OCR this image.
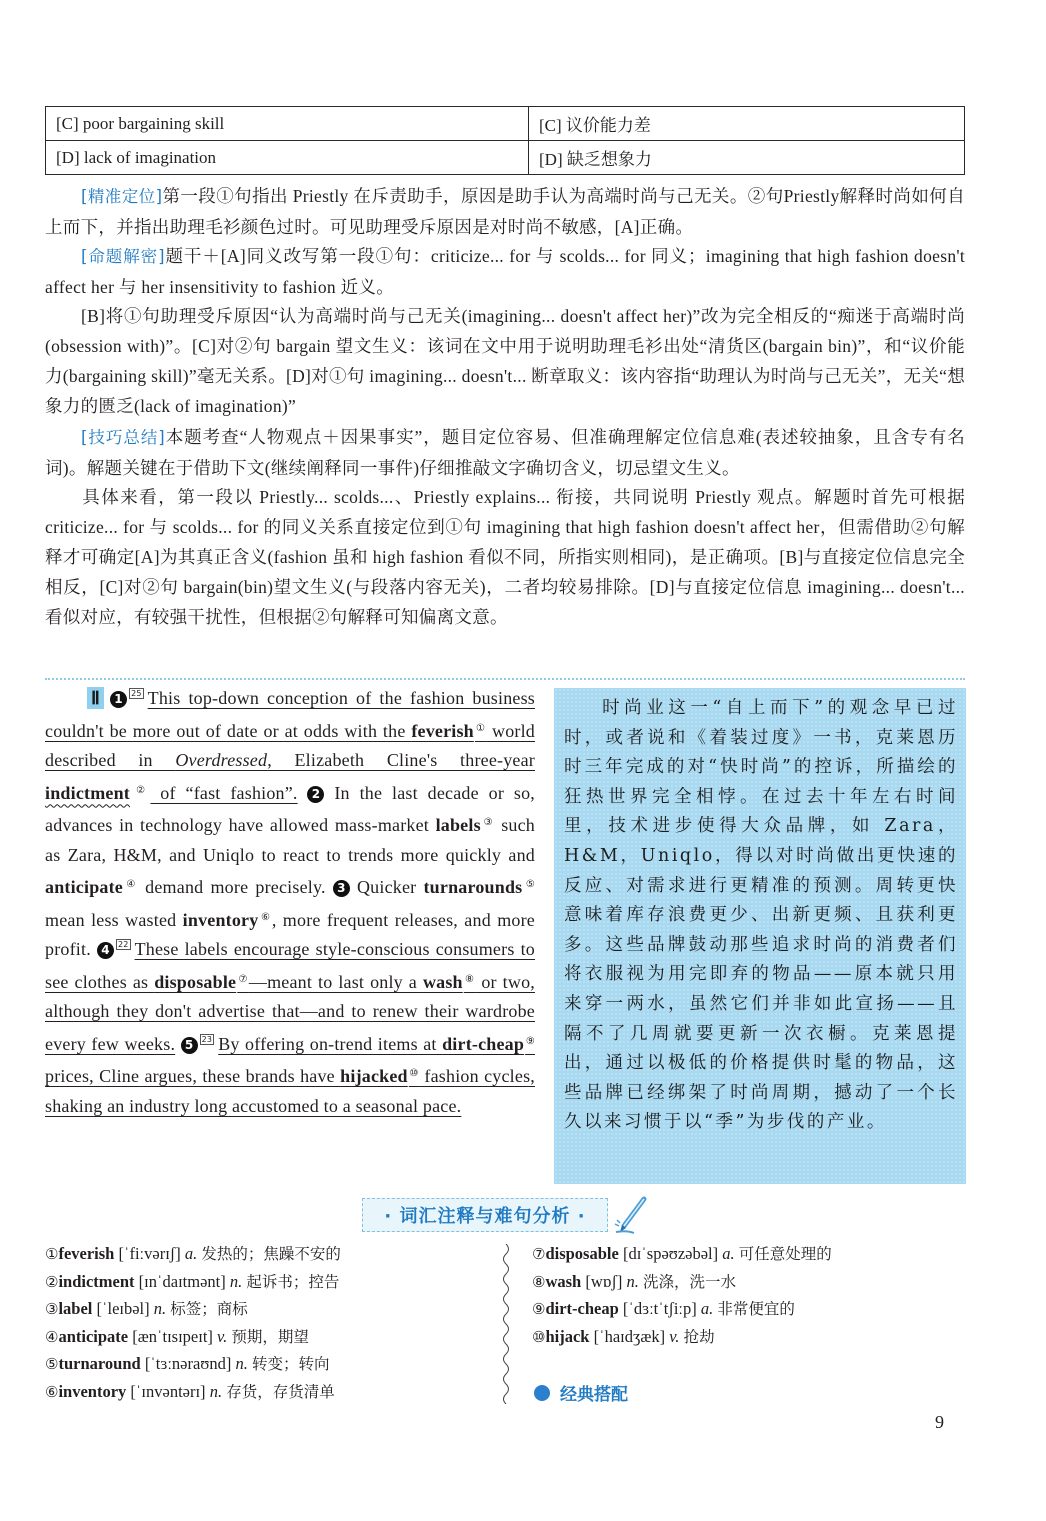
[C] poor bargaining skill	[C] 议价能力差
[D] lack of imagination	[D] 缺乏想象力
[精准定位]第一段①句指出 Priestly 在斥责助手，原因是助手认为高端时尚与己无关。②句Priestly解释时尚如何自上而下，并指出助理毛衫颜色过时。可见助理受斥原因是对时尚不敏感，[A]正确。
[命题解密]题干＋[A]同义改写第一段①句：criticize... for 与 scolds... for 同义；imagining that high fashion doesn't affect her 与 her insensitivity to fashion 近义。
[B]将①句助理受斥原因“认为高端时尚与己无关(imagining... doesn't affect her)”改为完全相反的“痴迷于高端时尚(obsession with)”。[C]对②句 bargain 望文生义：该词在文中用于说明助理毛衫出处“清货区(bargain bin)”，和“议价能力(bargaining skill)”毫无关系。[D]对①句 imagining... doesn't... 断章取义：该内容指“助理认为时尚与己无关”，无关“想象力的匮乏(lack of imagination)”
[技巧总结]本题考查“人物观点＋因果事实”，题目定位容易、但准确理解定位信息难(表述较抽象，且含专有名词)。解题关键在于借助下文(继续阐释同一事件)仔细推敲文字确切含义，切忌望文生义。
具体来看，第一段以 Priestly... scolds...、Priestly explains... 衔接，共同说明 Priestly 观点。解题时首先可根据 criticize... for 与 scolds... for 的同义关系直接定位到①句 imagining that high fashion doesn't affect her，但需借助②句解释才可确定[A]为其真正含义(fashion 虽和 high fashion 看似不同，所指实则相同)，是正确项。[B]与直接定位信息完全相反，[C]对②句 bargain(bin)望文生义(与段落内容无关)，二者均较易排除。[D]与直接定位信息 imagining... doesn't... 看似对应，有较强干扰性，但根据②句解释可知偏离文意。
Ⅱ 1 25 This top-down conception of the fashion business couldn't be more out of date or at odds with the feverish① world described in Overdressed, Elizabeth Cline's three-year indictment② of “fast fashion”. 2 In the last decade or so, advances in technology have allowed mass-market labels③ such as Zara, H&M, and Uniqlo to react to trends more quickly and anticipate④ demand more precisely. 3 Quicker turnarounds⑤ mean less wasted inventory⑥, more frequent releases, and more profit. 4 22 These labels encourage style-conscious consumers to see clothes as disposable⑦—meant to last only a wash⑧ or two, although they don't advertise that—and to renew their wardrobe every few weeks. 5 23 By offering on-trend items at dirt-cheap⑨ prices, Cline argues, these brands have hijacked⑩ fashion cycles, shaking an industry long accustomed to a seasonal pace.
时尚业这一“自上而下”的观念早已过时，或者说和《着装过度》一书，克莱恩历时三年完成的对“快时尚”的控诉，所描绘的狂热世界完全相悖。在过去十年左右时间里，技术进步使得大众品牌，如 Zara，H&M，Uniqlo，得以对时尚做出更快速的反应、对需求进行更精准的预测。周转更快意味着库存浪费更少、出新更频、且获利更多。这些品牌鼓动那些追求时尚的消费者们将衣服视为用完即弃的物品——原本就只用来穿一两水，虽然它们并非如此宣扬——且隔不了几周就要更新一次衣橱。克莱恩提出，通过以极低的价格提供时髦的物品，这些品牌已经绑架了时尚周期，撼动了一个长久以来习惯于以“季”为步伐的产业。
· 词汇注释与难句分析 ·
①feverish [ˈfiːvərɪʃ] a. 发热的；焦躁不安的
②indictment [ɪnˈdaɪtmənt] n. 起诉书；控告
③label [ˈleɪbəl] n. 标签；商标
④anticipate [ænˈtɪsɪpeɪt] v. 预期，期望
⑤turnaround [ˈtɜːnəraʊnd] n. 转变；转向
⑥inventory [ˈɪnvəntərɪ] n. 存货，存货清单
⑦disposable [dɪˈspəʊzəbəl] a. 可任意处理的
⑧wash [wɒʃ] n. 洗涤，洗一水
⑨dirt-cheap [ˈdɜːtˈtʃiːp] a. 非常便宜的
⑩hijack [ˈhaɪdʒæk] v. 抢劫
经典搭配
9
